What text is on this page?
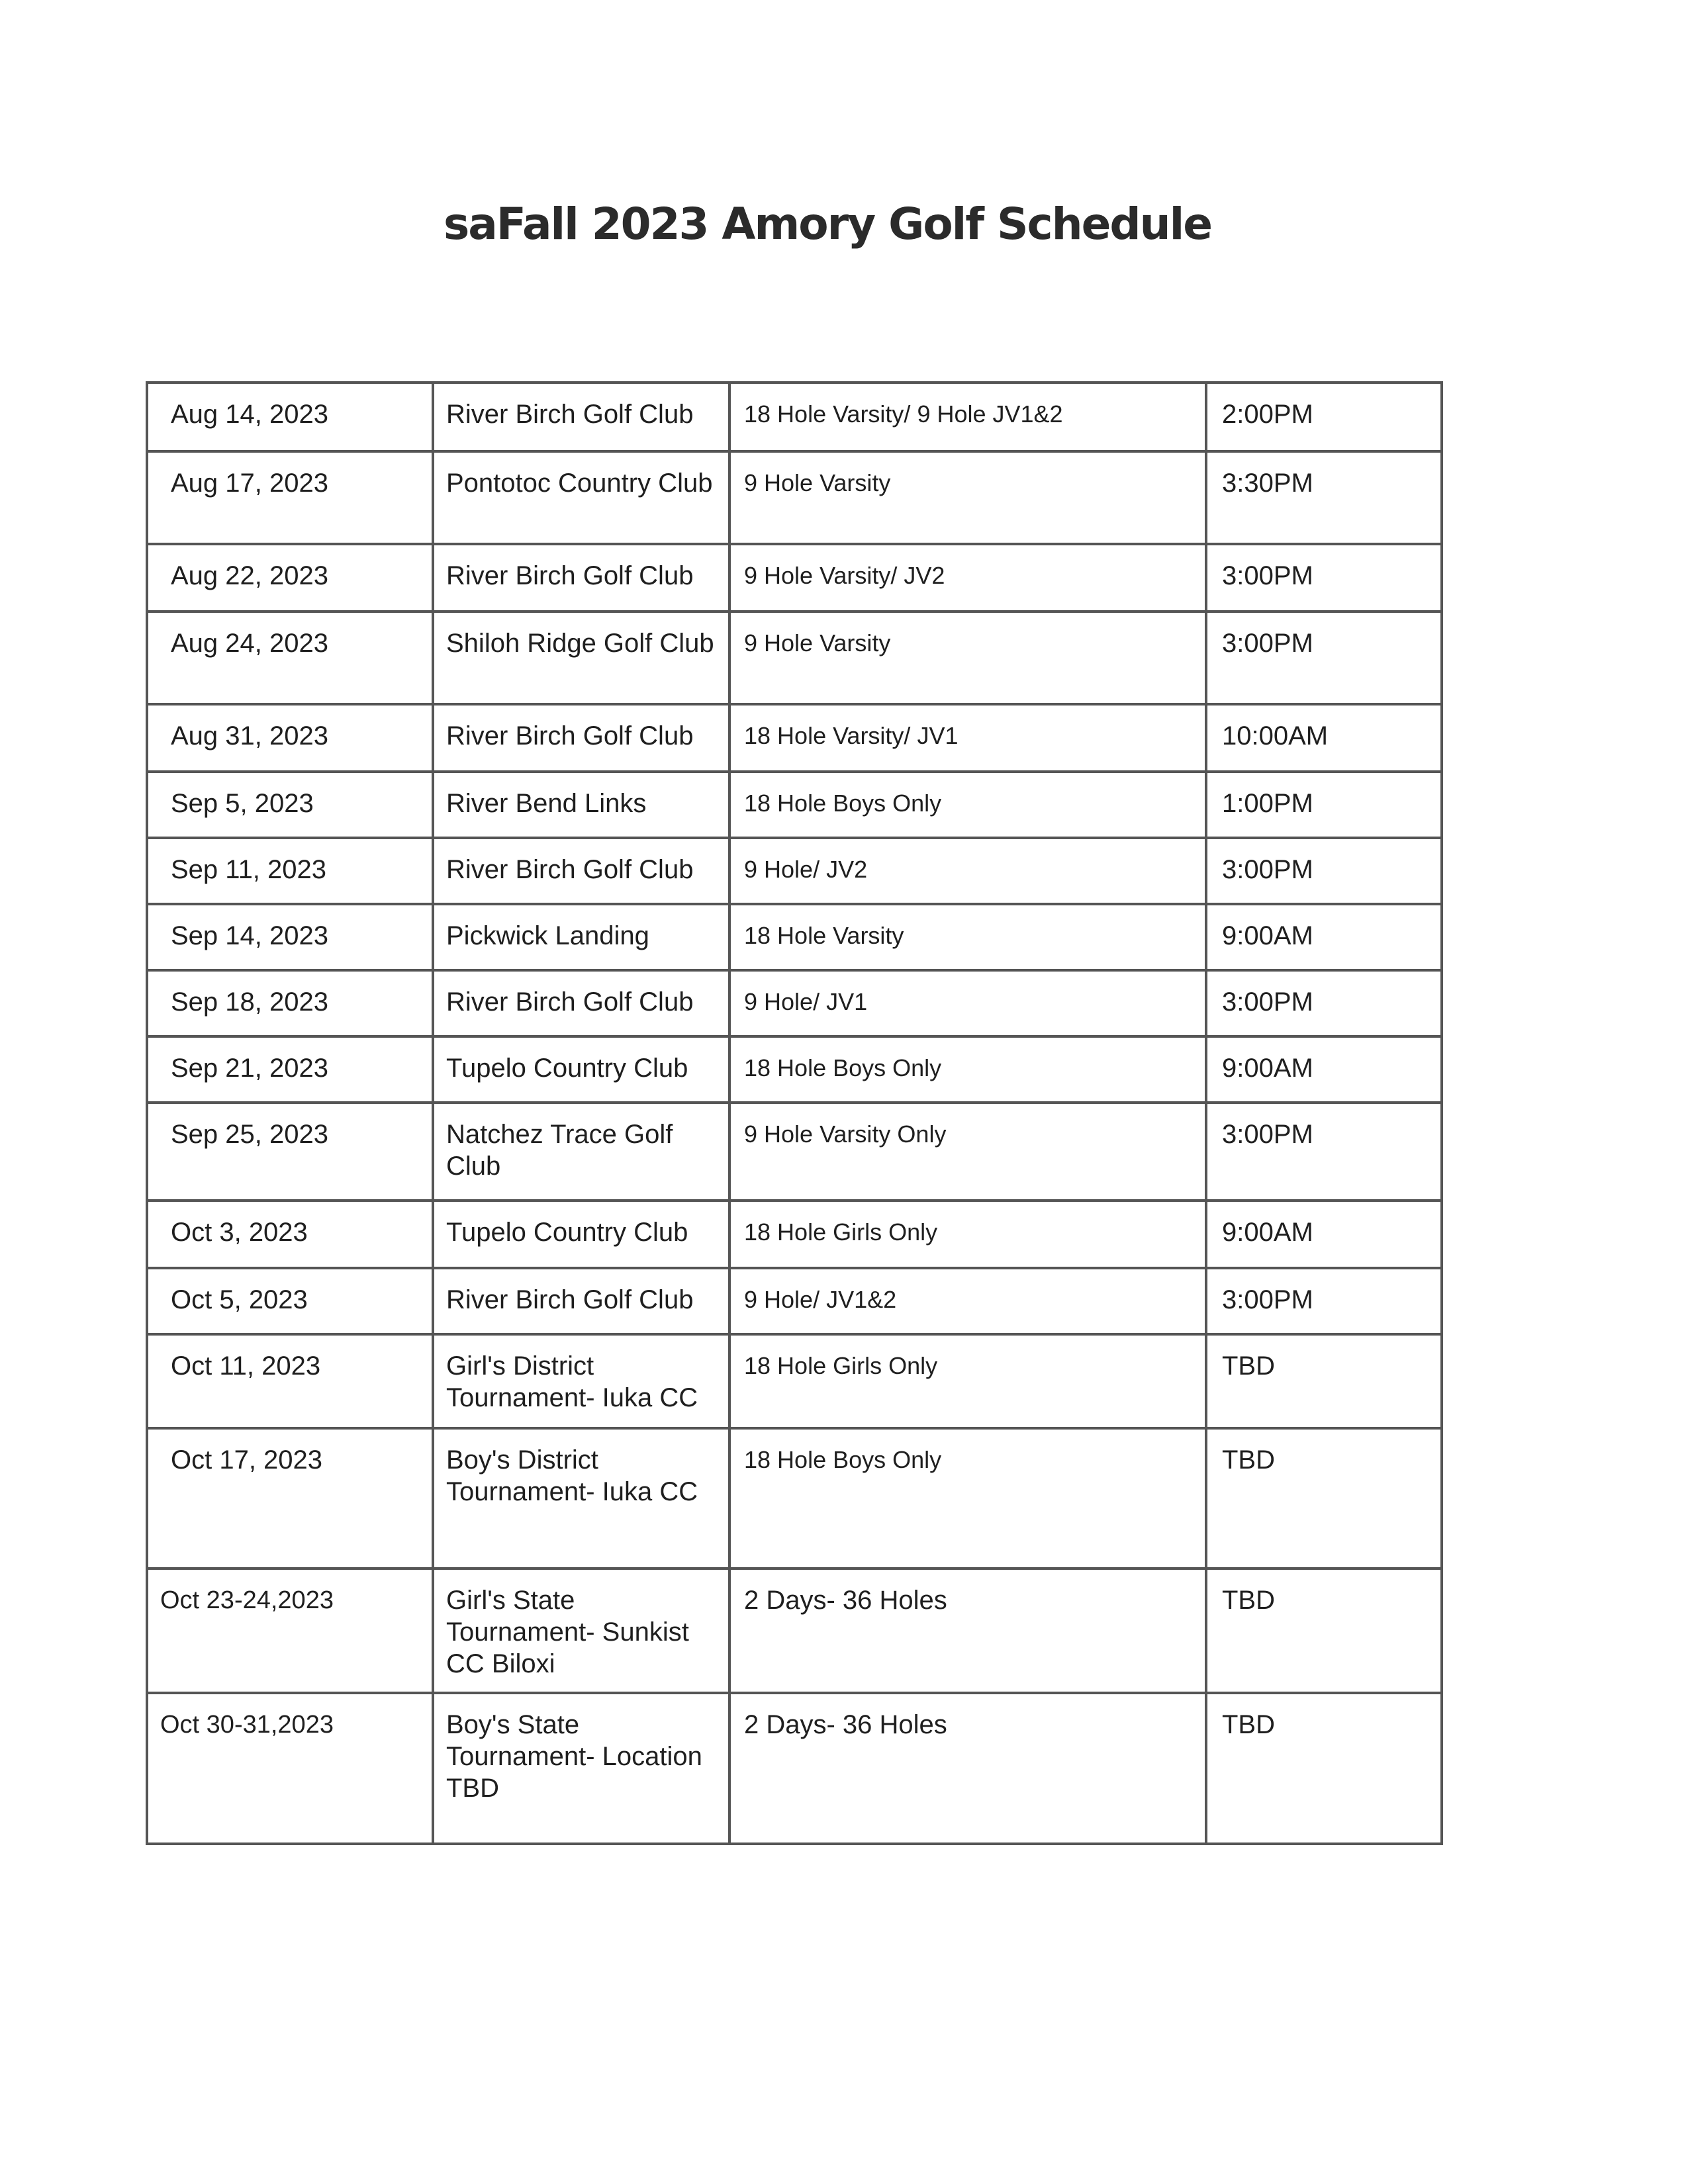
saFall 2023 Amory Golf Schedule
Aug 14, 2023	River Birch Golf Club	18 Hole Varsity/ 9 Hole JV1&2	2:00PM
Aug 17, 2023	Pontotoc Country Club	9 Hole Varsity	3:30PM
Aug 22, 2023	River Birch Golf Club	9 Hole Varsity/ JV2	3:00PM
Aug 24, 2023	Shiloh Ridge Golf Club	9 Hole Varsity	3:00PM
Aug 31, 2023	River Birch Golf Club	18 Hole Varsity/ JV1	10:00AM
Sep 5, 2023	River Bend Links	18 Hole Boys Only	1:00PM
Sep 11, 2023	River Birch Golf Club	9 Hole/ JV2	3:00PM
Sep 14, 2023	Pickwick Landing	18 Hole Varsity	9:00AM
Sep 18, 2023	River Birch Golf Club	9 Hole/ JV1	3:00PM
Sep 21, 2023	Tupelo Country Club	18 Hole Boys Only	9:00AM
Sep 25, 2023	Natchez Trace Golf Club	9 Hole Varsity Only	3:00PM
Oct 3, 2023	Tupelo Country Club	18 Hole Girls Only	9:00AM
Oct 5, 2023	River Birch Golf Club	9 Hole/ JV1&2	3:00PM
Oct 11, 2023	Girl's District Tournament- Iuka CC	18 Hole Girls Only	TBD
Oct 17, 2023	Boy's District Tournament- Iuka CC	18 Hole Boys Only	TBD
Oct 23-24,2023	Girl's State Tournament- Sunkist CC Biloxi	2 Days- 36 Holes	TBD
Oct 30-31,2023	Boy's State Tournament- Location TBD	2 Days- 36 Holes	TBD
